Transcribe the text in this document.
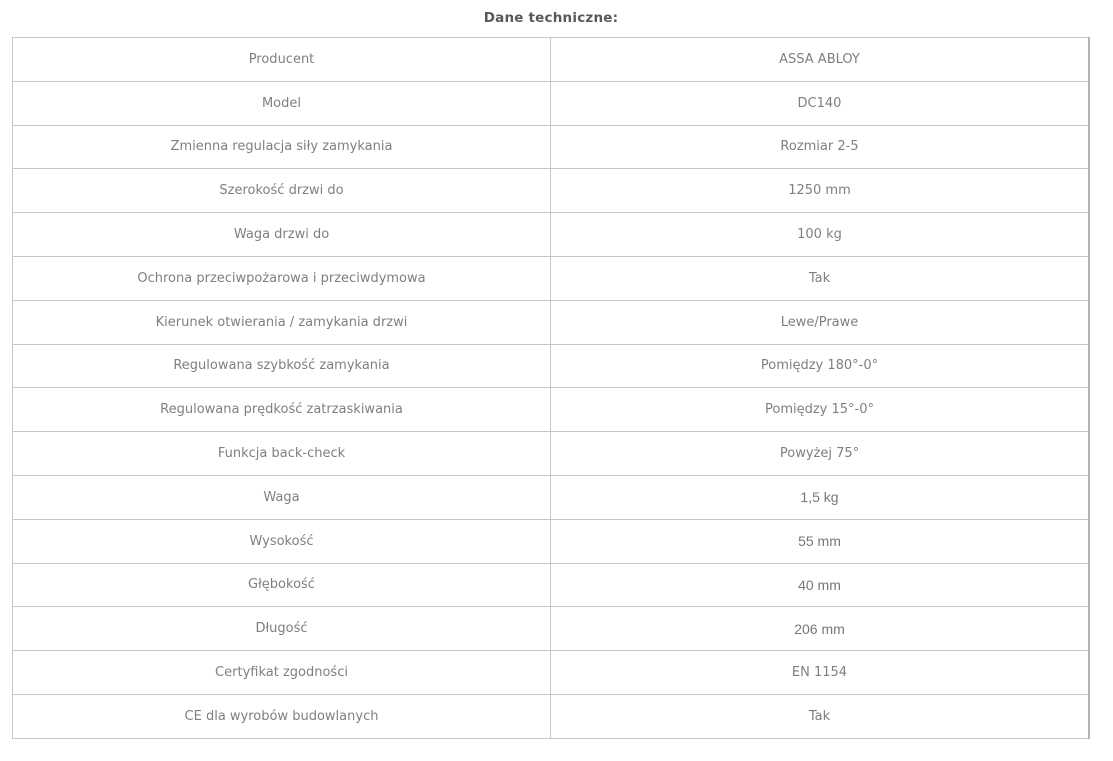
Dane techniczne:
Producent	ASSA ABLOY
Model	DC140
Zmienna regulacja siły zamykania	Rozmiar 2-5
Szerokość drzwi do	1250 mm
Waga drzwi do	100 kg
Ochrona przeciwpożarowa i przeciwdymowa	Tak
Kierunek otwierania / zamykania drzwi	Lewe/Prawe
Regulowana szybkość zamykania	Pomiędzy 180°-0°
Regulowana prędkość zatrzaskiwania	Pomiędzy 15°-0°
Funkcja back-check	Powyżej 75°
Waga	1,5 kg
Wysokość	55 mm
Głębokość	40 mm
Długość	206 mm
Certyfikat zgodności	EN 1154
CE dla wyrobów budowlanych	Tak
